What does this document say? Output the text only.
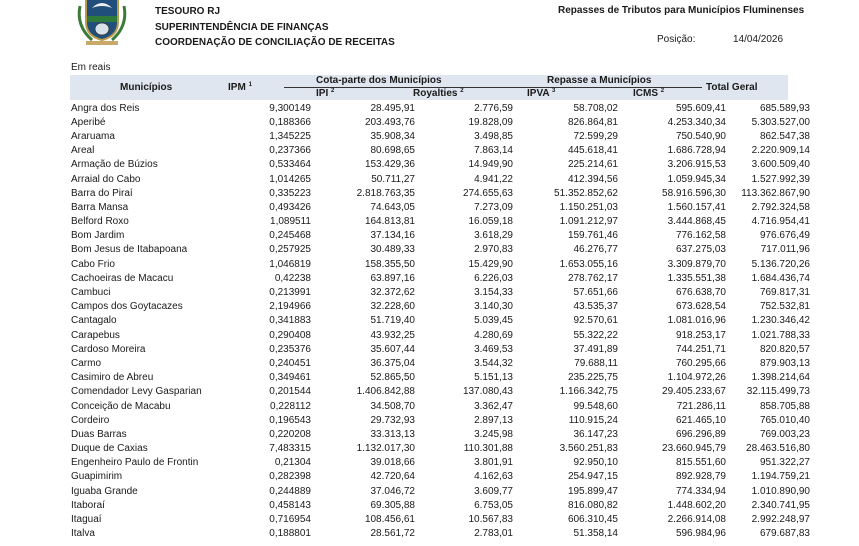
TESOURO RJ
SUPERINTENDÊNCIA DE FINANÇAS
COORDENAÇÃO DE CONCILIAÇÃO DE RECEITAS
Repasses de Tributos para Municípios Fluminenses
Posição:	14/04/2026
Em reais
Municípios	IPM $^1$	Cota-parte dos Municípios
IPI $^2$	Royalties $^2$
Repasse a Municípios
IPVA $^3$	ICMS $^2$	Total Geral
Angra dos Reis	9,300149	28.495,91	2.776,59	58.708,02	595.609,41	685.589,93
Aperibé	0,188366	203.493,76	19.828,09	826.864,81	4.253.340,34	5.303.527,00
Araruama	1,345225	35.908,34	3.498,85	72.599,29	750.540,90	862.547,38
Areal	0,237366	80.698,65	7.863,14	445.618,41	1.686.728,94	2.220.909,14
Armação de Búzios	0,533464	153.429,36	14.949,90	225.214,61	3.206.915,53	3.600.509,40
Arraial do Cabo	1,014265	50.711,27	4.941,22	412.394,56	1.059.945,34	1.527.992,39
Barra do Piraí	0,335223	2.818.763,35	274.655,63	51.352.852,62	58.916.596,30	113.362.867,90
Barra Mansa	0,493426	74.643,05	7.273,09	1.150.251,03	1.560.157,41	2.792.324,58
Belford Roxo	1,089511	164.813,81	16.059,18	1.091.212,97	3.444.868,45	4.716.954,41
Bom Jardim	0,245468	37.134,16	3.618,29	159.761,46	776.162,58	976.676,49
Bom Jesus de Itabapoana	0,257925	30.489,33	2.970,83	46.276,77	637.275,03	717.011,96
Cabo Frio	1,046819	158.355,50	15.429,90	1.653.055,16	3.309.879,70	5.136.720,26
Cachoeiras de Macacu	0,42238	63.897,16	6.226,03	278.762,17	1.335.551,38	1.684.436,74
Cambuci	0,213991	32.372,62	3.154,33	57.651,66	676.638,70	769.817,31
Campos dos Goytacazes	2,194966	32.228,60	3.140,30	43.535,37	673.628,54	752.532,81
Cantagalo	0,341883	51.719,40	5.039,45	92.570,61	1.081.016,96	1.230.346,42
Carapebus	0,290408	43.932,25	4.280,69	55.322,22	918.253,17	1.021.788,33
Cardoso Moreira	0,235376	35.607,44	3.469,53	37.491,89	744.251,71	820.820,57
Carmo	0,240451	36.375,04	3.544,32	79.688,11	760.295,66	879.903,13
Casimiro de Abreu	0,349461	52.865,50	5.151,13	235.225,75	1.104.972,26	1.398.214,64
Comendador Levy Gasparian	0,201544	1.406.842,88	137.080,43	1.166.342,75	29.405.233,67	32.115.499,73
Conceição de Macabu	0,228112	34.508,70	3.362,47	99.548,60	721.286,11	858.705,88
Cordeiro	0,196543	29.732,93	2.897,13	110.915,24	621.465,10	765.010,40
Duas Barras	0,220208	33.313,13	3.245,98	36.147,23	696.296,89	769.003,23
Duque de Caxias	7,483315	1.132.017,30	110.301,88	3.560.251,83	23.660.945,79	28.463.516,80
Engenheiro Paulo de Frontin	0,21304	39.018,66	3.801,91	92.950,10	815.551,60	951.322,27
Guapimirim	0,282398	42.720,64	4.162,63	254.947,15	892.928,79	1.194.759,21
Iguaba Grande	0,244889	37.046,72	3.609,77	195.899,47	774.334,94	1.010.890,90
Itaboraí	0,458143	69.305,88	6.753,05	816.080,82	1.448.602,20	2.340.741,95
Itaguaí	0,716954	108.456,61	10.567,83	606.310,45	2.266.914,08	2.992.248,97
Italva	0,188801	28.561,72	2.783,01	51.358,14	596.984,96	679.687,83
